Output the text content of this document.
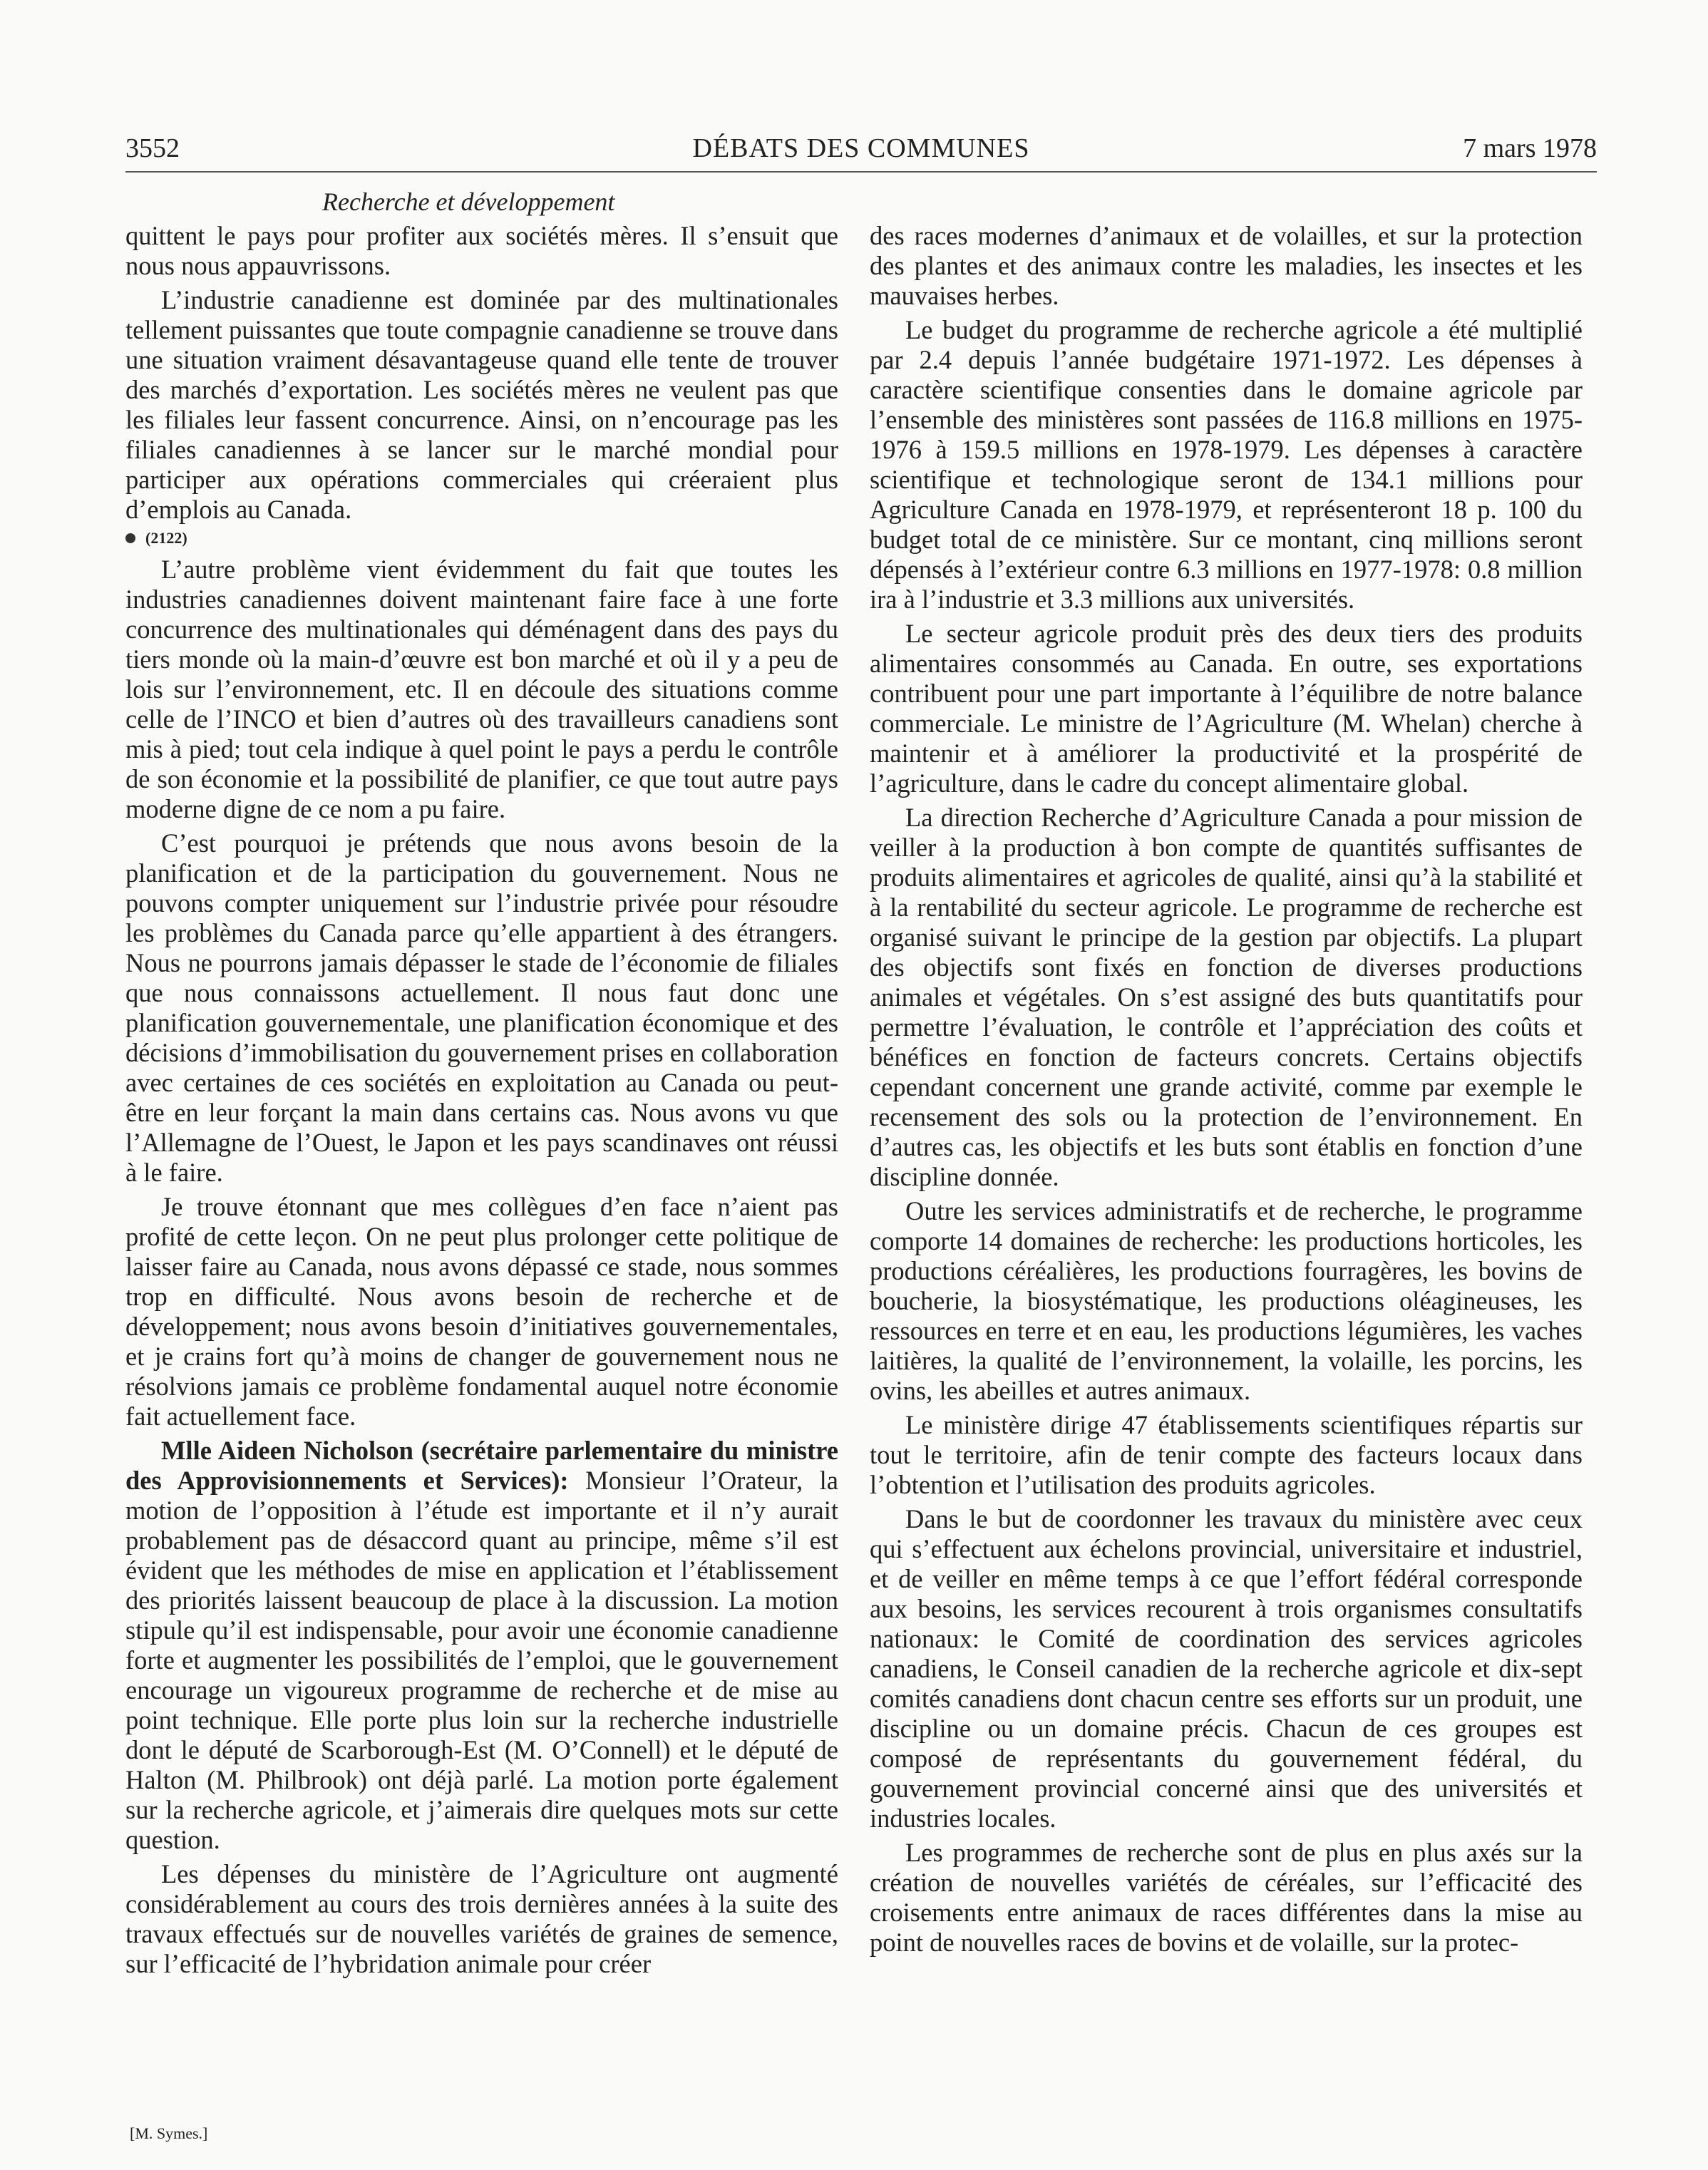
3552	DÉBATS DES COMMUNES	7 mars 1978
Recherche et développement

quittent le pays pour profiter aux sociétés mères. Il s’ensuit que nous nous appauvrissons.

L’industrie canadienne est dominée par des multinationales tellement puissantes que toute compagnie canadienne se trouve dans une situation vraiment désavantageuse quand elle tente de trouver des marchés d’exportation. Les sociétés mères ne veulent pas que les filiales leur fassent concurrence. Ainsi, on n’encourage pas les filiales canadiennes à se lancer sur le marché mondial pour participer aux opérations commerciales qui créeraient plus d’emplois au Canada.

(2122)

L’autre problème vient évidemment du fait que toutes les industries canadiennes doivent maintenant faire face à une forte concurrence des multinationales qui déménagent dans des pays du tiers monde où la main-d’œuvre est bon marché et où il y a peu de lois sur l’environnement, etc. Il en découle des situations comme celle de l’INCO et bien d’autres où des travailleurs canadiens sont mis à pied; tout cela indique à quel point le pays a perdu le contrôle de son économie et la possibilité de planifier, ce que tout autre pays moderne digne de ce nom a pu faire.

C’est pourquoi je prétends que nous avons besoin de la planification et de la participation du gouvernement. Nous ne pouvons compter uniquement sur l’industrie privée pour résoudre les problèmes du Canada parce qu’elle appartient à des étrangers. Nous ne pourrons jamais dépasser le stade de l’économie de filiales que nous connaissons actuellement. Il nous faut donc une planification gouvernementale, une planification économique et des décisions d’immobilisation du gouvernement prises en collaboration avec certaines de ces sociétés en exploitation au Canada ou peut-être en leur forçant la main dans certains cas. Nous avons vu que l’Allemagne de l’Ouest, le Japon et les pays scandinaves ont réussi à le faire.

Je trouve étonnant que mes collègues d’en face n’aient pas profité de cette leçon. On ne peut plus prolonger cette politique de laisser faire au Canada, nous avons dépassé ce stade, nous sommes trop en difficulté. Nous avons besoin de recherche et de développement; nous avons besoin d’initiatives gouvernementales, et je crains fort qu’à moins de changer de gouvernement nous ne résolvions jamais ce problème fondamental auquel notre économie fait actuellement face.

Mlle Aideen Nicholson (secrétaire parlementaire du ministre des Approvisionnements et Services): Monsieur l’Orateur, la motion de l’opposition à l’étude est importante et il n’y aurait probablement pas de désaccord quant au principe, même s’il est évident que les méthodes de mise en application et l’établissement des priorités laissent beaucoup de place à la discussion. La motion stipule qu’il est indispensable, pour avoir une économie canadienne forte et augmenter les possibilités de l’emploi, que le gouvernement encourage un vigoureux programme de recherche et de mise au point technique. Elle porte plus loin sur la recherche industrielle dont le député de Scarborough-Est (M. O’Connell) et le député de Halton (M. Philbrook) ont déjà parlé. La motion porte également sur la recherche agricole, et j’aimerais dire quelques mots sur cette question.

Les dépenses du ministère de l’Agriculture ont augmenté considérablement au cours des trois dernières années à la suite des travaux effectués sur de nouvelles variétés de graines de semence, sur l’efficacité de l’hybridation animale pour créer

des races modernes d’animaux et de volailles, et sur la protection des plantes et des animaux contre les maladies, les insectes et les mauvaises herbes.

Le budget du programme de recherche agricole a été multiplié par 2.4 depuis l’année budgétaire 1971-1972. Les dépenses à caractère scientifique consenties dans le domaine agricole par l’ensemble des ministères sont passées de 116.8 millions en 1975-1976 à 159.5 millions en 1978-1979. Les dépenses à caractère scientifique et technologique seront de 134.1 millions pour Agriculture Canada en 1978-1979, et représenteront 18 p. 100 du budget total de ce ministère. Sur ce montant, cinq millions seront dépensés à l’extérieur contre 6.3 millions en 1977-1978: 0.8 million ira à l’industrie et 3.3 millions aux universités.

Le secteur agricole produit près des deux tiers des produits alimentaires consommés au Canada. En outre, ses exportations contribuent pour une part importante à l’équilibre de notre balance commerciale. Le ministre de l’Agriculture (M. Whelan) cherche à maintenir et à améliorer la productivité et la prospérité de l’agriculture, dans le cadre du concept alimentaire global.

La direction Recherche d’Agriculture Canada a pour mission de veiller à la production à bon compte de quantités suffisantes de produits alimentaires et agricoles de qualité, ainsi qu’à la stabilité et à la rentabilité du secteur agricole. Le programme de recherche est organisé suivant le principe de la gestion par objectifs. La plupart des objectifs sont fixés en fonction de diverses productions animales et végétales. On s’est assigné des buts quantitatifs pour permettre l’évaluation, le contrôle et l’appréciation des coûts et bénéfices en fonction de facteurs concrets. Certains objectifs cependant concernent une grande activité, comme par exemple le recensement des sols ou la protection de l’environnement. En d’autres cas, les objectifs et les buts sont établis en fonction d’une discipline donnée.

Outre les services administratifs et de recherche, le programme comporte 14 domaines de recherche: les productions horticoles, les productions céréalières, les productions fourragères, les bovins de boucherie, la biosystématique, les productions oléagineuses, les ressources en terre et en eau, les productions légumières, les vaches laitières, la qualité de l’environnement, la volaille, les porcins, les ovins, les abeilles et autres animaux.

Le ministère dirige 47 établissements scientifiques répartis sur tout le territoire, afin de tenir compte des facteurs locaux dans l’obtention et l’utilisation des produits agricoles.

Dans le but de coordonner les travaux du ministère avec ceux qui s’effectuent aux échelons provincial, universitaire et industriel, et de veiller en même temps à ce que l’effort fédéral corresponde aux besoins, les services recourent à trois organismes consultatifs nationaux: le Comité de coordination des services agricoles canadiens, le Conseil canadien de la recherche agricole et dix-sept comités canadiens dont chacun centre ses efforts sur un produit, une discipline ou un domaine précis. Chacun de ces groupes est composé de représentants du gouvernement fédéral, du gouvernement provincial concerné ainsi que des universités et industries locales.

Les programmes de recherche sont de plus en plus axés sur la création de nouvelles variétés de céréales, sur l’efficacité des croisements entre animaux de races différentes dans la mise au point de nouvelles races de bovins et de volaille, sur la protec-

[M. Symes.]
